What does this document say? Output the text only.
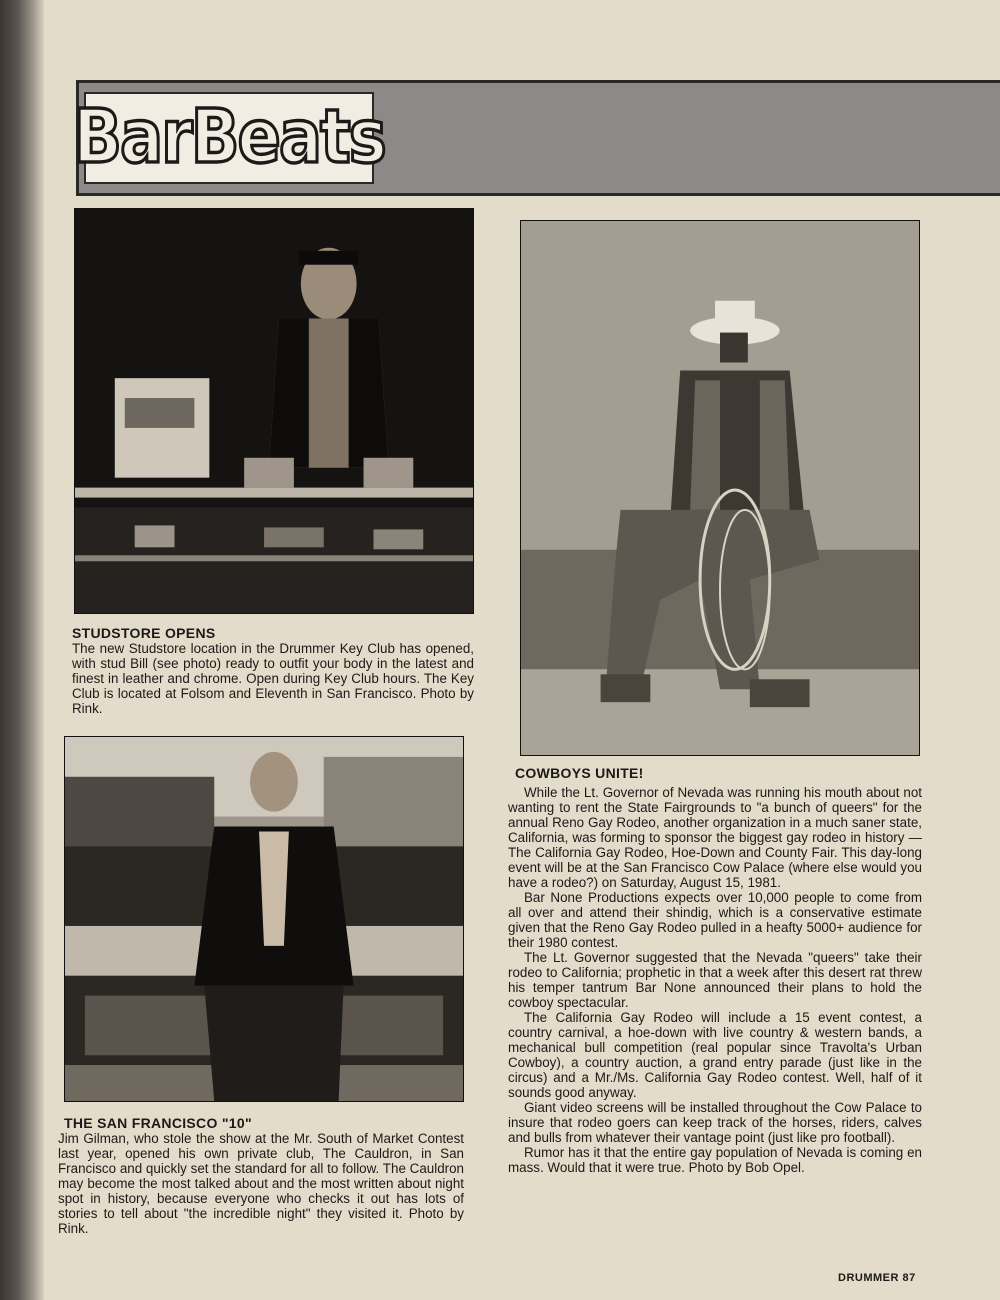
BarBeats
STUDSTORE OPENS

The new Studstore location in the Drummer Key Club has opened, with stud Bill (see photo) ready to outfit your body in the latest and finest in leather and chrome. Open during Key Club hours. The Key Club is located at Folsom and Eleventh in San Francisco. Photo by Rink.

COWBOYS UNITE!

While the Lt. Governor of Nevada was running his mouth about not wanting to rent the State Fairgrounds to "a bunch of queers" for the annual Reno Gay Rodeo, another organization in a much saner state, California, was forming to sponsor the biggest gay rodeo in history — The California Gay Rodeo, Hoe-Down and County Fair. This day-long event will be at the San Francisco Cow Palace (where else would you have a rodeo?) on Saturday, August 15, 1981.

Bar None Productions expects over 10,000 people to come from all over and attend their shindig, which is a conservative estimate given that the Reno Gay Rodeo pulled in a heafty 5000+ audience for their 1980 contest.

The Lt. Governor suggested that the Nevada "queers" take their rodeo to California; prophetic in that a week after this desert rat threw his temper tantrum Bar None announced their plans to hold the cowboy spectacular.

The California Gay Rodeo will include a 15 event contest, a country carnival, a hoe-down with live country & western bands, a mechanical bull competition (real popular since Travolta's Urban Cowboy), a country auction, a grand entry parade (just like in the circus) and a Mr./Ms. California Gay Rodeo contest. Well, half of it sounds good anyway.

Giant video screens will be installed throughout the Cow Palace to insure that rodeo goers can keep track of the horses, riders, calves and bulls from whatever their vantage point (just like pro football).

Rumor has it that the entire gay population of Nevada is coming en mass. Would that it were true. Photo by Bob Opel.

THE SAN FRANCISCO "10"

Jim Gilman, who stole the show at the Mr. South of Market Contest last year, opened his own private club, The Cauldron, in San Francisco and quickly set the standard for all to follow. The Cauldron may become the most talked about and the most written about night spot in history, because everyone who checks it out has lots of stories to tell about "the incredible night" they visited it. Photo by Rink.

DRUMMER 87
